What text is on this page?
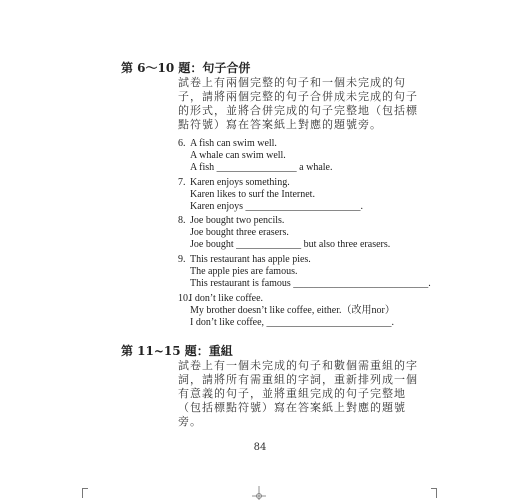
第 6～10 題：句子合併
試卷上有兩個完整的句子和一個未完成的句子，請將兩個完整的句子合併成未完成的句子的形式，並將合併完成的句子完整地（包括標點符號）寫在答案紙上對應的題號旁。
6. A fish can swim well.
A whale can swim well.
A fish ________________ a whale.
7. Karen enjoys something.
Karen likes to surf the Internet.
Karen enjoys _______________________.
8. Joe bought two pencils.
Joe bought three erasers.
Joe bought _____________ but also three erasers.
9. This restaurant has apple pies.
The apple pies are famous.
This restaurant is famous ___________________________.
10.I don’t like coffee.
My brother doesn’t like coffee, either.（改用nor）
I don’t like coffee, _________________________.
第 11~15 題：重組
試卷上有一個未完成的句子和數個需重組的字詞，請將所有需重組的字詞，重新排列成一個有意義的句子，並將重組完成的句子完整地（包括標點符號）寫在答案紙上對應的題號旁。
84
